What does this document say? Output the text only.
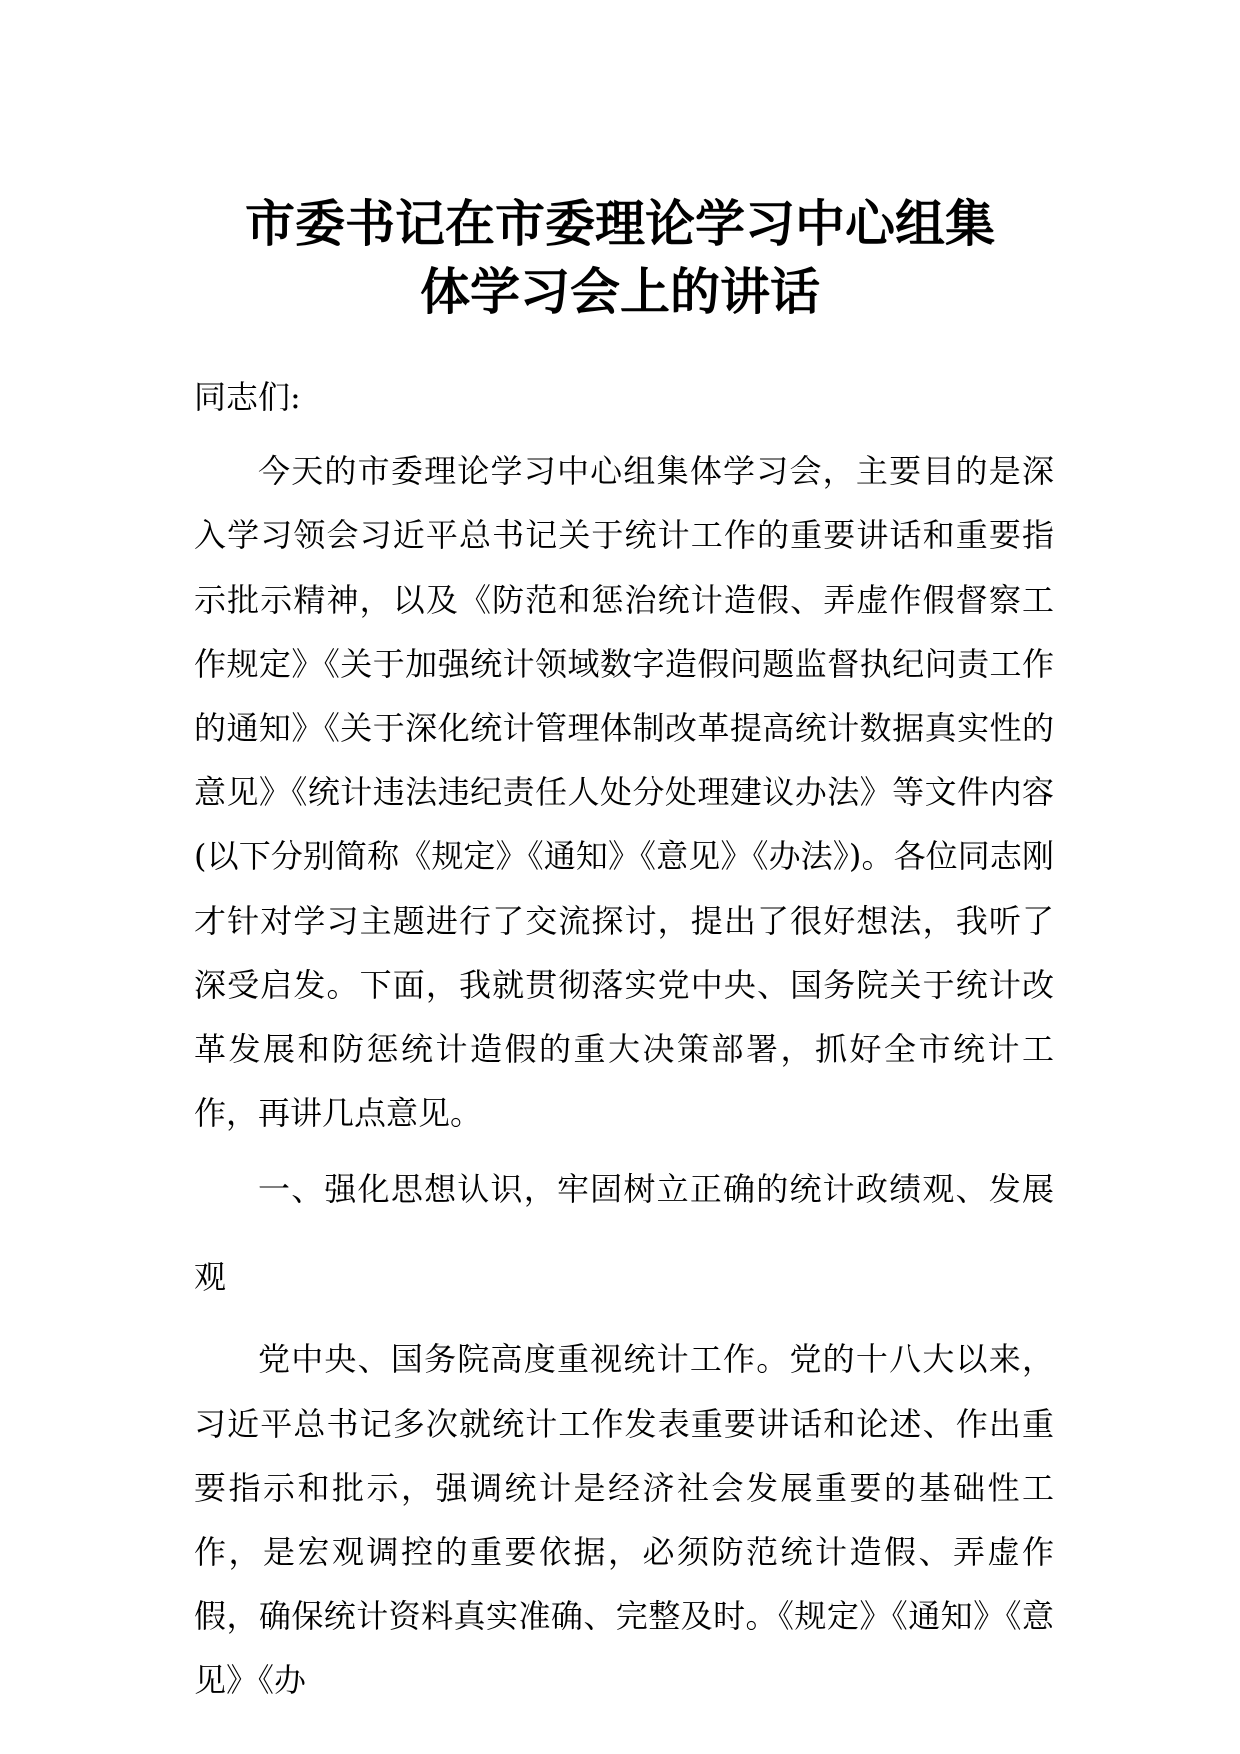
市委书记在市委理论学习中心组集
体学习会上的讲话

同志们:

今天的市委理论学习中心组集体学习会，主要目的是深入学习领会习近平总书记关于统计工作的重要讲话和重要指示批示精神，以及《防范和惩治统计造假、弄虚作假督察工作规定》《关于加强统计领域数字造假问题监督执纪问责工作的通知》《关于深化统计管理体制改革提高统计数据真实性的意见》《统计违法违纪责任人处分处理建议办法》等文件内容(以下分别简称《规定》《通知》《意见》《办法》)。各位同志刚才针对学习主题进行了交流探讨，提出了很好想法，我听了深受启发。下面，我就贯彻落实党中央、国务院关于统计改革发展和防惩统计造假的重大决策部署，抓好全市统计工作，再讲几点意见。

一、强化思想认识，牢固树立正确的统计政绩观、发展观

党中央、国务院高度重视统计工作。党的十八大以来，习近平总书记多次就统计工作发表重要讲话和论述、作出重要指示和批示，强调统计是经济社会发展重要的基础性工作，是宏观调控的重要依据，必须防范统计造假、弄虚作假，确保统计资料真实准确、完整及时。《规定》《通知》《意见》《办
